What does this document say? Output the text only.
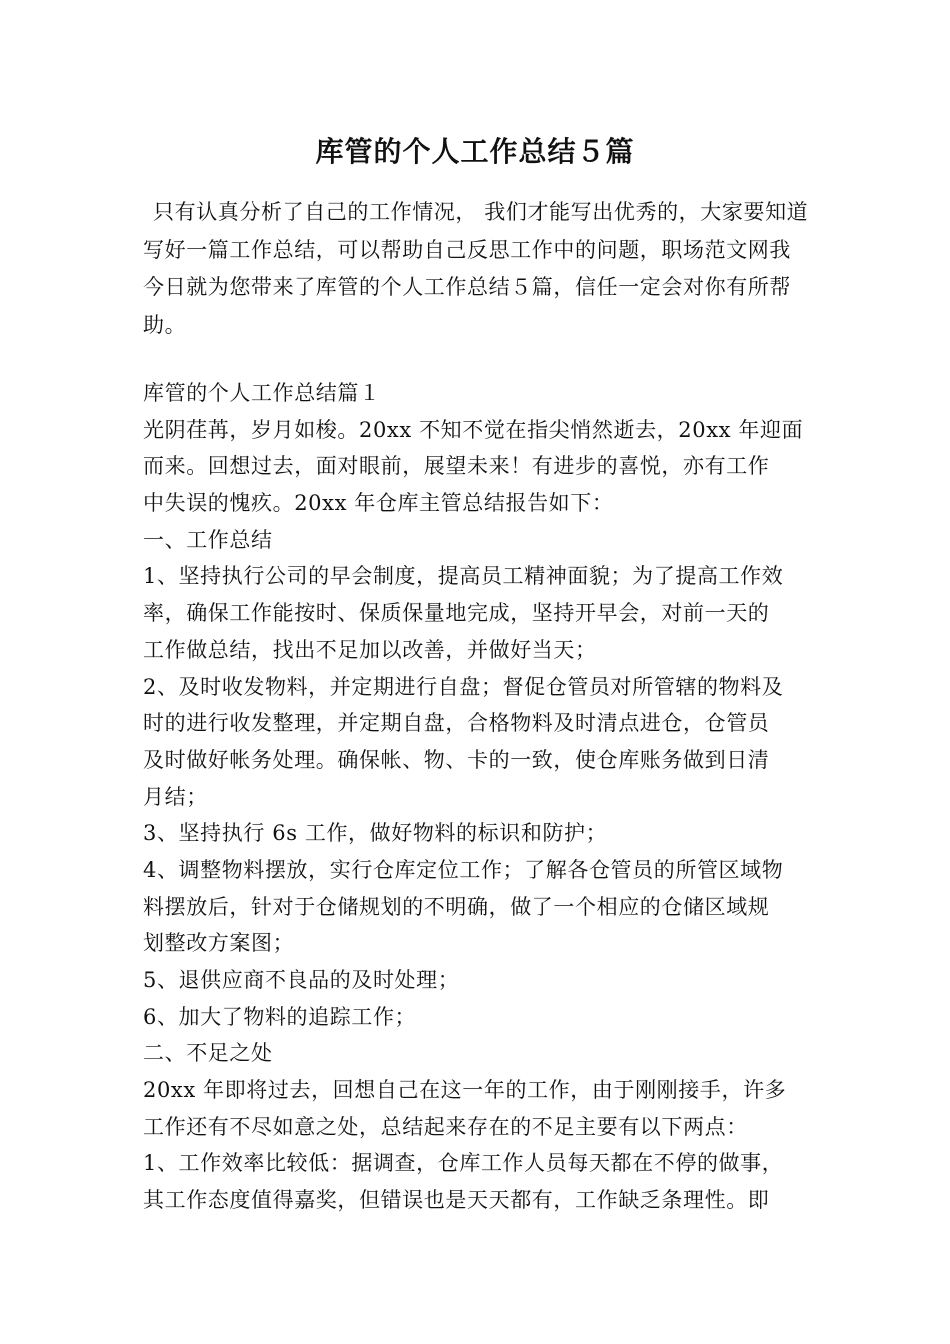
库管的个人工作总结５篇

只有认真分析了自己的工作情况， 我们才能写出优秀的，大家要知道写好一篇工作总结，可以帮助自己反思工作中的问题，职场范文网我今日就为您带来了库管的个人工作总结５篇，信任一定会对你有所帮助。

库管的个人工作总结篇１
光阴荏苒，岁月如梭。20xx 不知不觉在指尖悄然逝去，20xx 年迎面
而来。回想过去，面对眼前，展望未来！有进步的喜悦，亦有工作
中失误的愧疚。20xx 年仓库主管总结报告如下：
一、工作总结
1、坚持执行公司的早会制度，提高员工精神面貌；为了提高工作效
率，确保工作能按时、保质保量地完成，坚持开早会，对前一天的
工作做总结，找出不足加以改善，并做好当天；
2、及时收发物料，并定期进行自盘；督促仓管员对所管辖的物料及
时的进行收发整理，并定期自盘，合格物料及时清点进仓，仓管员
及时做好帐务处理。确保帐、物、卡的一致，使仓库账务做到日清
月结；
3、坚持执行 6s 工作，做好物料的标识和防护；
4、调整物料摆放，实行仓库定位工作；了解各仓管员的所管区域物
料摆放后，针对于仓储规划的不明确，做了一个相应的仓储区域规
划整改方案图；
5、退供应商不良品的及时处理；
6、加大了物料的追踪工作；
二、不足之处
20xx 年即将过去，回想自己在这一年的工作，由于刚刚接手，许多
工作还有不尽如意之处，总结起来存在的不足主要有以下两点：
1、工作效率比较低：据调查，仓库工作人员每天都在不停的做事，
其工作态度值得嘉奖，但错误也是天天都有，工作缺乏条理性。即
